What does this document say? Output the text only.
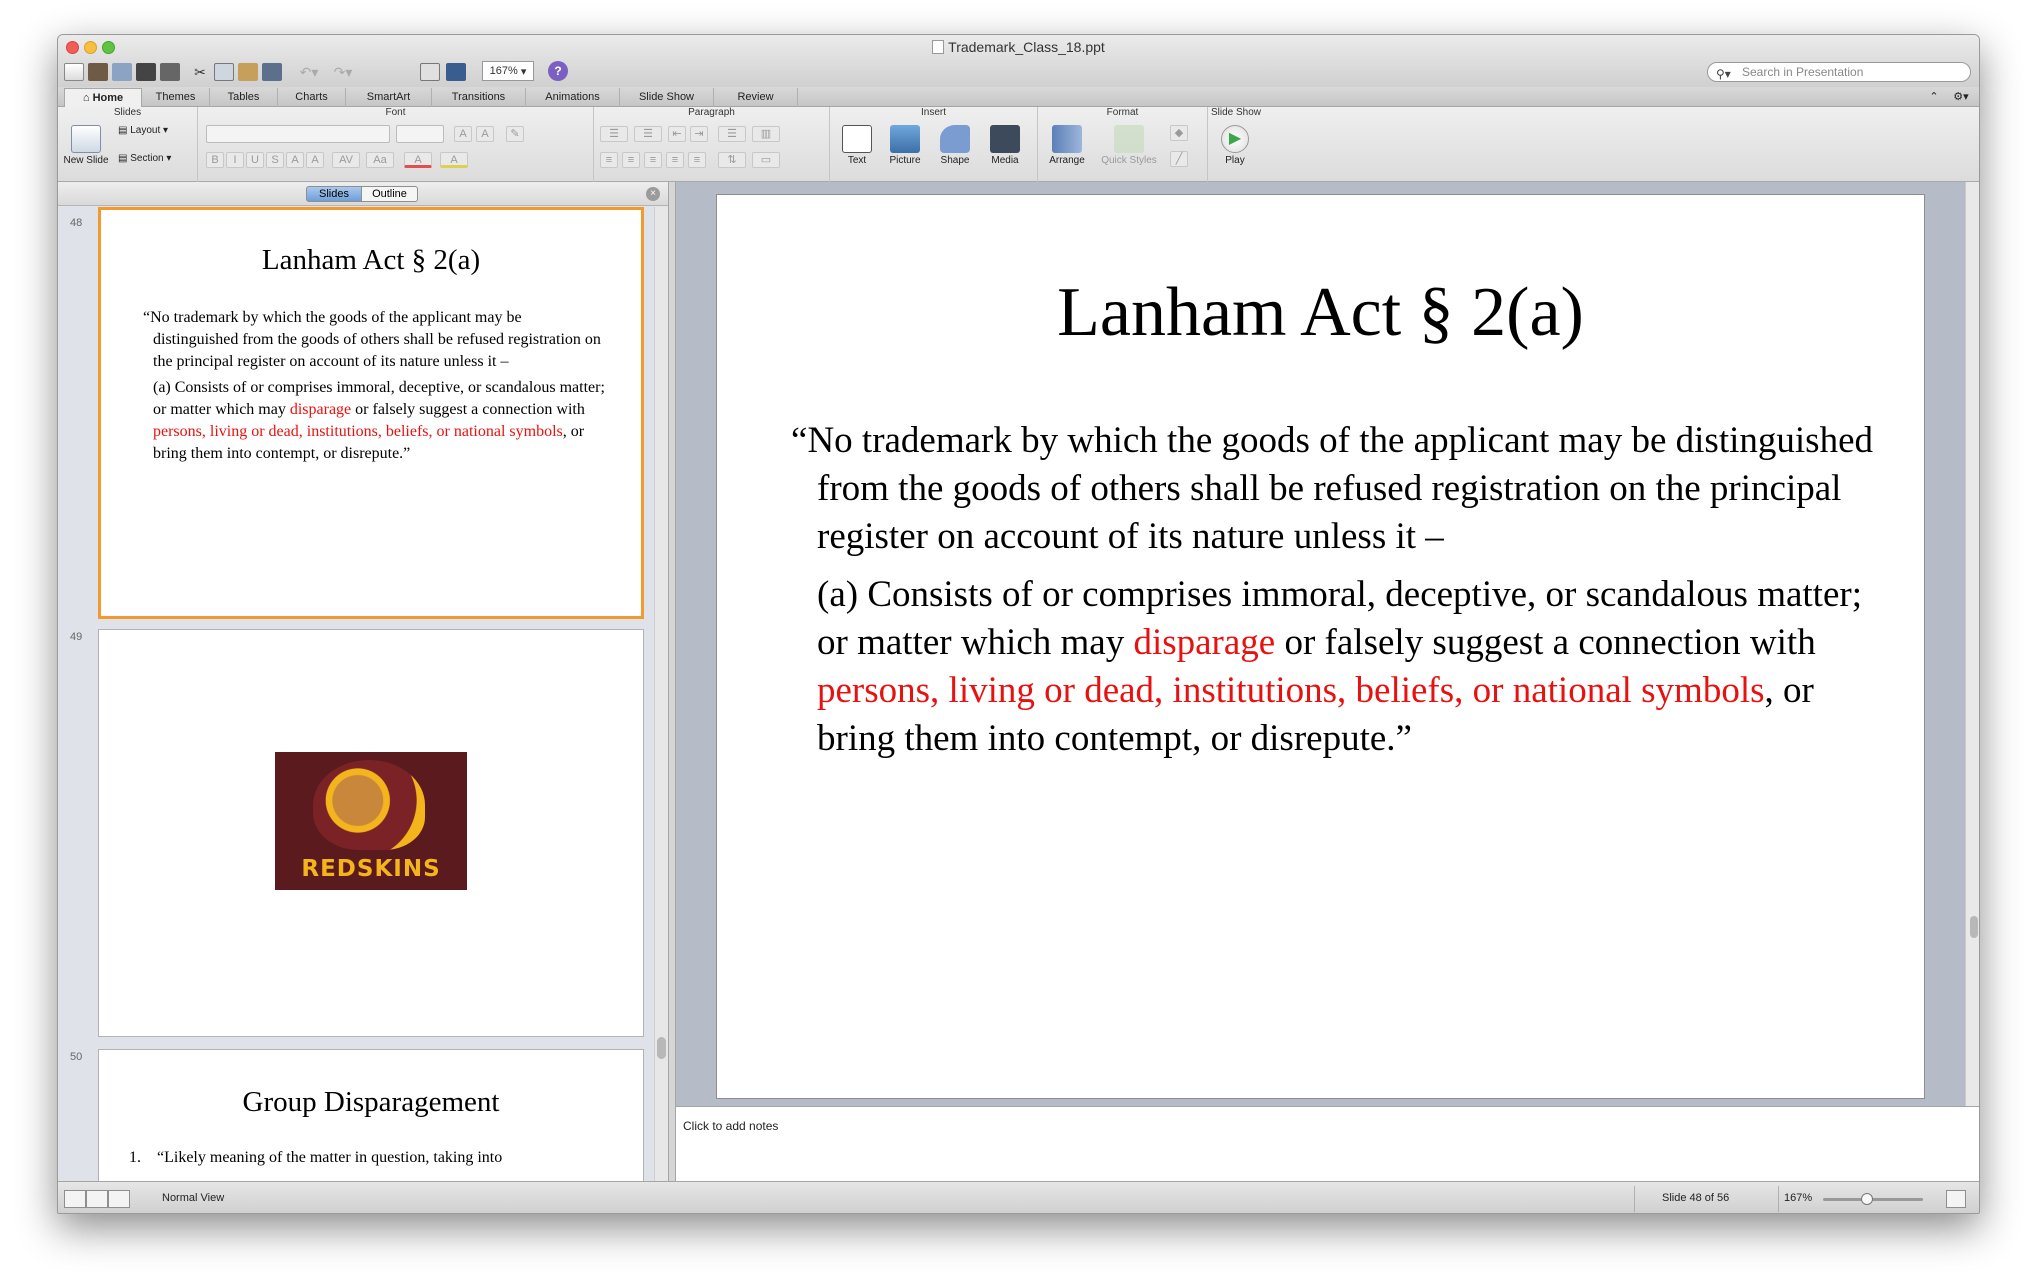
Trademark_Class_18.ppt
✂	↶▾	↷▾	167% ▾	?	⚲▾ Search in Presentation
⌂ Home	Themes	Tables	Charts	SmartArt	Transitions	Animations	Slide Show	Review	⌃	⚙▾
Slides
New Slide
▤ Layout ▾
▤ Section ▾
Font
A	A	✎
B	I	U	S	A	A	AV	Aa	A	A
Paragraph
☰	☰	⇤	⇥	☰	▥
≡	≡	≡	≡	≡	⇅	▭
Insert
Text	Picture	Shape	Media
Format
Arrange	Quick Styles
◆
╱
Slide Show
▶
Play
Slides	Outline	×
48
Lanham Act § 2(a)
“No trademark by which the goods of the applicant may be distinguished from the goods of others shall be refused registration on the principal register on account of its nature unless it –
(a) Consists of or comprises immoral, deceptive, or scandalous matter; or matter which may disparage or falsely suggest a connection with persons, living or dead, institutions, beliefs, or national symbols, or bring them into contempt, or disrepute.”
49
REDSKINS
50
Group Disparagement
1. “Likely meaning of the matter in question, taking into
Lanham Act § 2(a)
“No trademark by which the goods of the applicant may be distinguished from the goods of others shall be refused registration on the principal register on account of its nature unless it –
(a) Consists of or comprises immoral, deceptive, or scandalous matter; or matter which may disparage or falsely suggest a connection with persons, living or dead, institutions, beliefs, or national symbols, or bring them into contempt, or disrepute.”
Click to add notes
Normal View	Slide 48 of 56	167%
